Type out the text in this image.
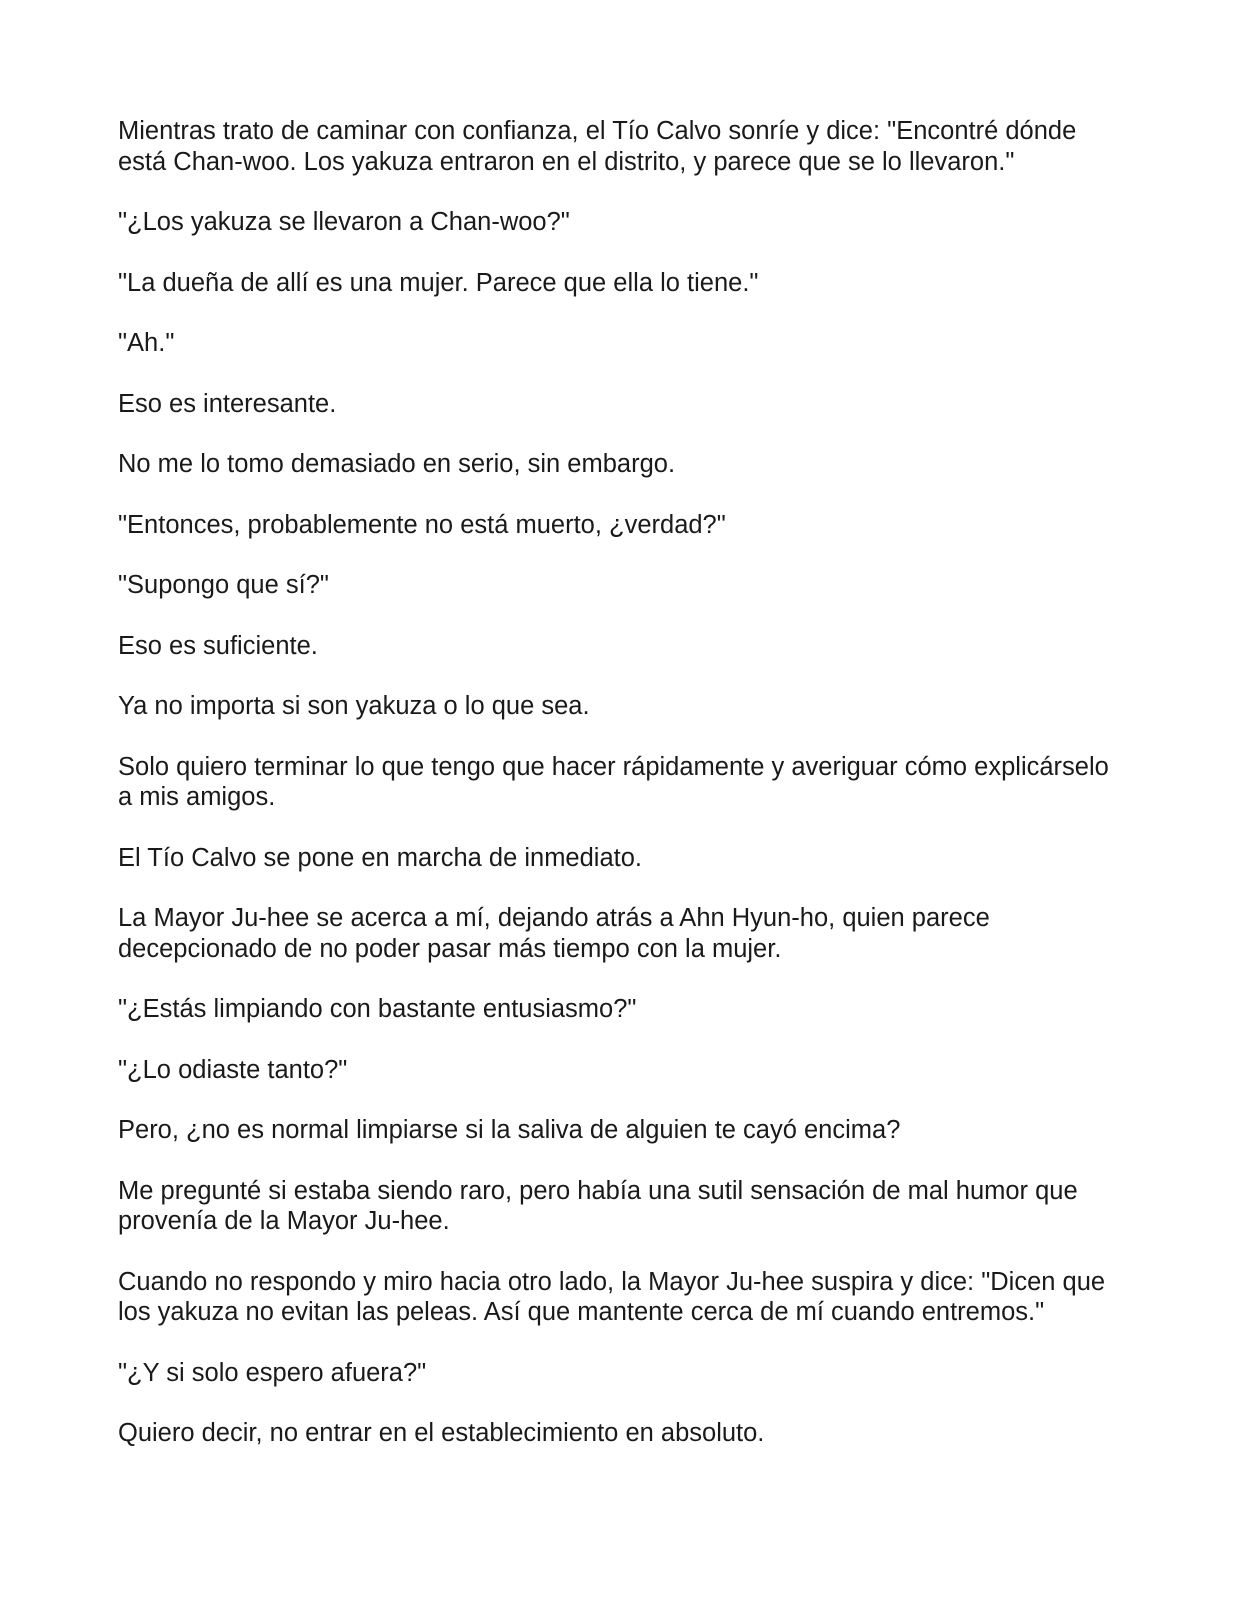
Mientras trato de caminar con confianza, el Tío Calvo sonríe y dice: "Encontré dónde está Chan-woo. Los yakuza entraron en el distrito, y parece que se lo llevaron."

"¿Los yakuza se llevaron a Chan-woo?"

"La dueña de allí es una mujer. Parece que ella lo tiene."

"Ah."

Eso es interesante.

No me lo tomo demasiado en serio, sin embargo.

"Entonces, probablemente no está muerto, ¿verdad?"

"Supongo que sí?"

Eso es suficiente.

Ya no importa si son yakuza o lo que sea.

Solo quiero terminar lo que tengo que hacer rápidamente y averiguar cómo explicárselo a mis amigos.

El Tío Calvo se pone en marcha de inmediato.

La Mayor Ju-hee se acerca a mí, dejando atrás a Ahn Hyun-ho, quien parece decepcionado de no poder pasar más tiempo con la mujer.

"¿Estás limpiando con bastante entusiasmo?"

"¿Lo odiaste tanto?"

Pero, ¿no es normal limpiarse si la saliva de alguien te cayó encima?

Me pregunté si estaba siendo raro, pero había una sutil sensación de mal humor que provenía de la Mayor Ju-hee.

Cuando no respondo y miro hacia otro lado, la Mayor Ju-hee suspira y dice: "Dicen que los yakuza no evitan las peleas. Así que mantente cerca de mí cuando entremos."

"¿Y si solo espero afuera?"

Quiero decir, no entrar en el establecimiento en absoluto.
